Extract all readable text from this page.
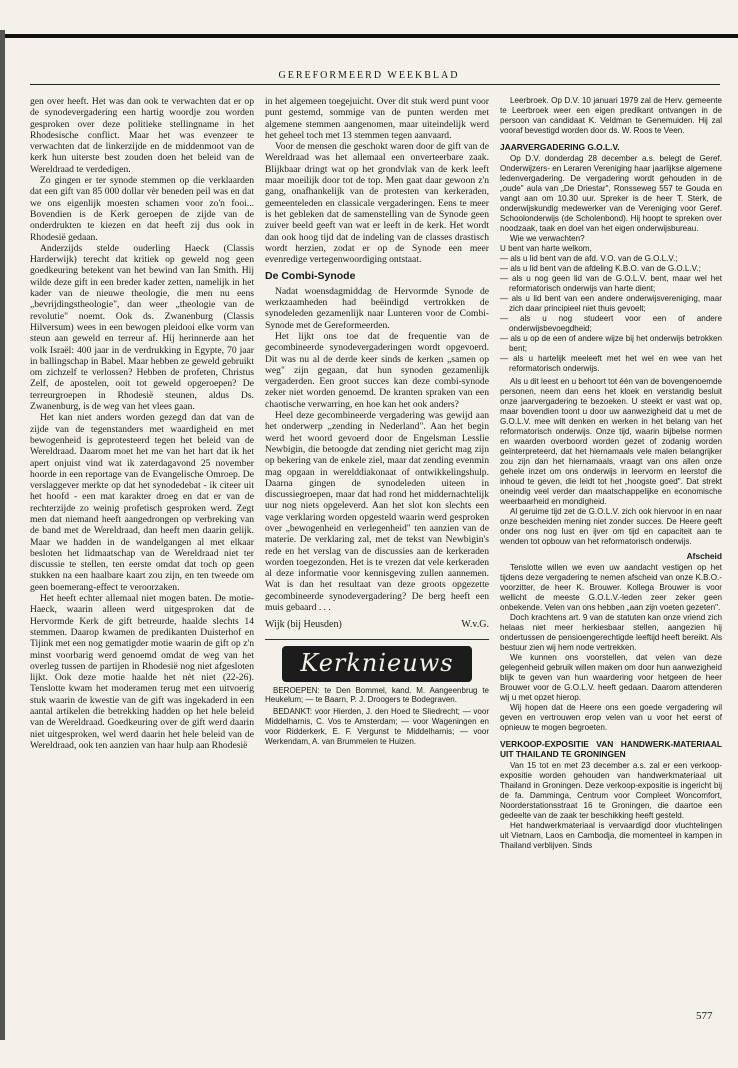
GEREFORMEERD WEEKBLAD

gen over heeft. Het was dan ook te verwachten dat er op de synodevergadering een hartig woordje zou worden gesproken over deze politieke stellingname in het Rhodesische conflict. Maar het was evenzeer te verwachten dat de linkerzijde en de middenmoot van de kerk hun uiterste best zouden doen het beleid van de Wereldraad te verdedigen.

Zo gingen er ter synode stemmen op die verklaarden dat een gift van 85 000 dollar vèr beneden peil was en dat we ons eigenlijk moesten schamen voor zo'n fooi... Bovendien is de Kerk geroepen de zijde van de onderdrukten te kiezen en dat heeft zij dus ook in Rhodesië gedaan.

Anderzijds stelde ouderling Haeck (Classis Harderwijk) terecht dat kritiek op geweld nog geen goedkeuring betekent van het bewind van Ian Smith. Hij wilde deze gift in een breder kader zetten, namelijk in het kader van de nieuwe theologie, die men nu eens „bevrijdingstheologie", dan weer „theologie van de revolutie" noemt. Ook ds. Zwanenburg (Classis Hilversum) wees in een bewogen pleidooi elke vorm van steun aan geweld en terreur af. Hij herinnerde aan het volk Israël: 400 jaar in de verdrukking in Egypte, 70 jaar in ballingschap in Babel. Maar hebben ze geweld gebruikt om zichzelf te verlossen? Hebben de profeten, Christus Zelf, de apostelen, ooit tot geweld opgeroepen? De terreurgroepen in Rhodesië steunen, aldus Ds. Zwanenburg, is de weg van het vlees gaan.

Het kan niet anders worden gezegd dan dat van de zijde van de tegenstanders met waardigheid en met bewogenheid is geprotesteerd tegen het beleid van de Wereldraad. Daarom moet het me van het hart dat ik het apert onjuist vind wat ik zaterdagavond 25 november hoorde in een reportage van de Evangelische Omroep. De verslaggever merkte op dat het synodedebat - ik citeer uit het hoofd - een mat karakter droeg en dat er van de rechterzijde zo weinig profetisch gesproken werd. Zegt men dat niemand heeft aangedrongen op verbreking van de band met de Wereldraad, dan heeft men daarin gelijk. Maar we hadden in de wandelgangen al met elkaar besloten het lidmaatschap van de Wereldraad niet ter discussie te stellen, ten eerste omdat dat toch op geen stukken na een haalbare kaart zou zijn, en ten tweede om geen boemerang-effect te veroorzaken.

Het heeft echter allemaal niet mogen baten. De motie-Haeck, waarin alleen werd uitgesproken dat de Hervormde Kerk de gift betreurde, haalde slechts 14 stemmen. Daarop kwamen de predikanten Duisterhof en Tijink met een nog gematigder motie waarin de gift op z'n minst voorbarig werd genoemd omdat de weg van het overleg tussen de partijen in Rhodesië nog niet afgesloten lijkt. Ook deze motie haalde het nèt niet (22-26). Tenslotte kwam het moderamen terug met een uitvoerig stuk waarin de kwestie van de gift was ingekaderd in een aantal artikelen die betrekking hadden op het hele beleid van de Wereldraad. Goedkeuring over de gift werd daarin niet uitgesproken, wel werd daarin het hele beleid van de Wereldraad, ook ten aanzien van haar hulp aan Rhodesië

in het algemeen toegejuicht. Over dit stuk werd punt voor punt gestemd, sommige van de punten werden met algemene stemmen aangenomen, maar uiteindelijk werd het geheel toch met 13 stemmen tegen aanvaard.

Voor de mensen die geschokt waren door de gift van de Wereldraad was het allemaal een onverteerbare zaak. Blijkbaar dringt wat op het grondvlak van de kerk leeft maar moeilijk door tot de top. Men gaat daar gewoon z'n gang, onafhankelijk van de protesten van kerkeraden, gemeenteleden en classicale vergaderingen. Eens te meer is het gebleken dat de samenstelling van de Synode geen zuiver beeld geeft van wat er leeft in de kerk. Het wordt dan ook hoog tijd dat de indeling van de classes drastisch wordt herzien, zodat er op de Synode een meer evenredige vertegenwoordiging ontstaat.

De Combi-Synode

Nadat woensdagmiddag de Hervormde Synode de werkzaamheden had beëindigd vertrokken de synodeleden gezamenlijk naar Lunteren voor de Combi-Synode met de Gereformeerden.

Het lijkt ons toe dat de frequentie van de gecombineerde synodevergaderingen wordt opgevoerd. Dit was nu al de derde keer sinds de kerken „samen op weg" zijn gegaan, dat hun synoden gezamenlijk vergaderden. Een groot succes kan deze combi-synode zeker niet worden genoemd. De kranten spraken van een chaotische verwarring, en hoe kan het ook anders?

Heel deze gecombineerde vergadering was gewijd aan het onderwerp „zending in Nederland". Aan het begin werd het woord gevoerd door de Engelsman Lesslie Newbigin, die betoogde dat zending niet gericht mag zijn op bekering van de enkele ziel, maar dat zending evenmin mag opgaan in werelddiakonaat of ontwikkelingshulp. Daarna gingen de synodeleden uiteen in discussiegroepen, maar dat had rond het middernachtelijk uur nog niets opgeleverd. Aan het slot kon slechts een vage verklaring worden opgesteld waarin werd gesproken over „bewogenheid en verlegenheid" ten aanzien van de materie. De verklaring zal, met de tekst van Newbigin's rede en het verslag van de discussies aan de kerkeraden worden toegezonden. Het is te vrezen dat vele kerkeraden al deze informatie voor kennisgeving zullen aannemen. Wat is dan het resultaat van deze groots opgezette gecombineerde synodevergadering? De berg heeft een muis gebaard . . .

Wijk (bij Heusden)	W.v.G.
Kerknieuws

BEROEPEN: te Den Bommel, kand. M. Aangeenbrug te Heukelum; — te Baarn, P. J. Droogers te Bodegraven.

BEDANKT: voor Hierden, J. den Hoed te Sliedrecht; — voor Middelharnis, C. Vos te Amsterdam; — voor Wageningen en voor Ridderkerk, E. F. Vergunst te Middelharnis; — voor Werkendam, A. van Brummelen te Huizen.

Leerbroek. Op D.V. 10 januari 1979 zal de Herv. gemeente te Leerbroek weer een eigen predikant ontvangen in de persoon van candidaat K. Veldman te Genemuiden. Hij zal vooraf bevestigd worden door ds. W. Roos te Veen.

JAARVERGADERING G.O.L.V.

Op D.V. donderdag 28 december a.s. belegt de Geref. Onderwijzers- en Leraren Vereniging haar jaarlijkse algemene ledenvergadering. De vergadering wordt gehouden in de „oude" aula van „De Driestar", Ronsseweg 557 te Gouda en vangt aan om 10.30 uur. Spreker is de heer T. Sterk, de onderwijskundig medewerker van de Vereniging voor Geref. Schoolonderwijs (de Scholenbond). Hij hoopt te spreken over noodzaak, taak en doel van het eigen onderwijsbureau.

Wie we verwachten?

U bent van harte welkom,

— als u lid bent van de afd. V.O. van de G.O.L.V.;
— als u lid bent van de afdeling K.B.O. van de G.O.L.V.;
— als u nog geen lid van de G.O.L.V. bent, maar wel het reformatorisch onderwijs van harte dient;
— als u lid bent van een andere onderwijsvereniging, maar zich daar principieel niet thuis gevoelt;
— als u nog studeert voor een of andere onderwijsbevoegdheid;
— als u op de een of andere wijze bij het onderwijs betrokken bent;
— als u hartelijk meeleeft met het wel en wee van het reformatorisch onderwijs.

Als u dit leest en u behoort tot één van de bovengenoemde personen, neem dan eens het kloek en verstandig besluit onze jaarvergadering te bezoeken. U steekt er vast wat op, maar bovendien toont u door uw aanwezigheid dat u met de G.O.L.V. mee wilt denken en werken in het belang van het reformatorisch onderwijs. Onze tijd, waarin bijbelse normen en waarden overboord worden gezet of zodanig worden geïnterpreteerd, dat het hiernamaals vele malen belangrijker zou zijn dan het hiernamaals, vraagt van ons allen onze gehele inzet om ons onderwijs in leervorm en leerstof die inhoud te geven, die leidt tot het „hoogste goed". Dat strekt oneindig veel verder dan maatschappelijke en economische weerbaarheid en mondigheid.

Al geruime tijd zet de G.O.L.V. zich ook hiervoor in en naar onze bescheiden mening niet zonder succes. De Heere geeft onder ons nog lust en ijver om tijd en capaciteit aan te wenden tot opbouw van het reformatorisch onderwijs.

Afscheid

Tenslotte willen we even uw aandacht vestigen op het tijdens deze vergadering te nemen afscheid van onze K.B.O.-voorzitter, de heer K. Brouwer. Kollega Brouwer is voor wellicht de meeste G.O.L.V.-leden zeer zeker geen onbekende. Velen van ons hebben „aan zijn voeten gezeten".

Doch krachtens art. 9 van de statuten kan onze vriend zich helaas niet meer herkiesbaar stellen, aangezien hij ondertussen de pensioengerechtigde leeftijd heeft bereikt. Als bestuur zien wij hem node vertrekken.

We kunnen ons voorstellen, dat velen van deze gelegenheid gebruik willen maken om door hun aanwezigheid blijk te geven van hun waardering voor hetgeen de heer Brouwer voor de G.O.L.V. heeft gedaan. Daarom attenderen wij u met opzet hierop.

Wij hopen dat de Heere ons een goede vergadering wil geven en vertrouwen erop velen van u voor het eerst of opnieuw te mogen begroeten.

VERKOOP-EXPOSITIE VAN HANDWERK-MATERIAAL UIT THAILAND TE GRONINGEN

Van 15 tot en met 23 december a.s. zal er een verkoop-expositie worden gehouden van handwerkmateriaal uit Thailand in Groningen. Deze verkoop-expositie is ingericht bij de fa. Damminga, Centrum voor Compleet Woncomfort, Noorderstationsstraat 16 te Groningen, die daartoe een gedeelte van de zaak ter beschikking heeft gesteld.

Het handwerkmateriaal is vervaardigd door vluchtelingen uit Vietnam, Laos en Cambodja, die momenteel in kampen in Thailand verblijven. Sinds

577
